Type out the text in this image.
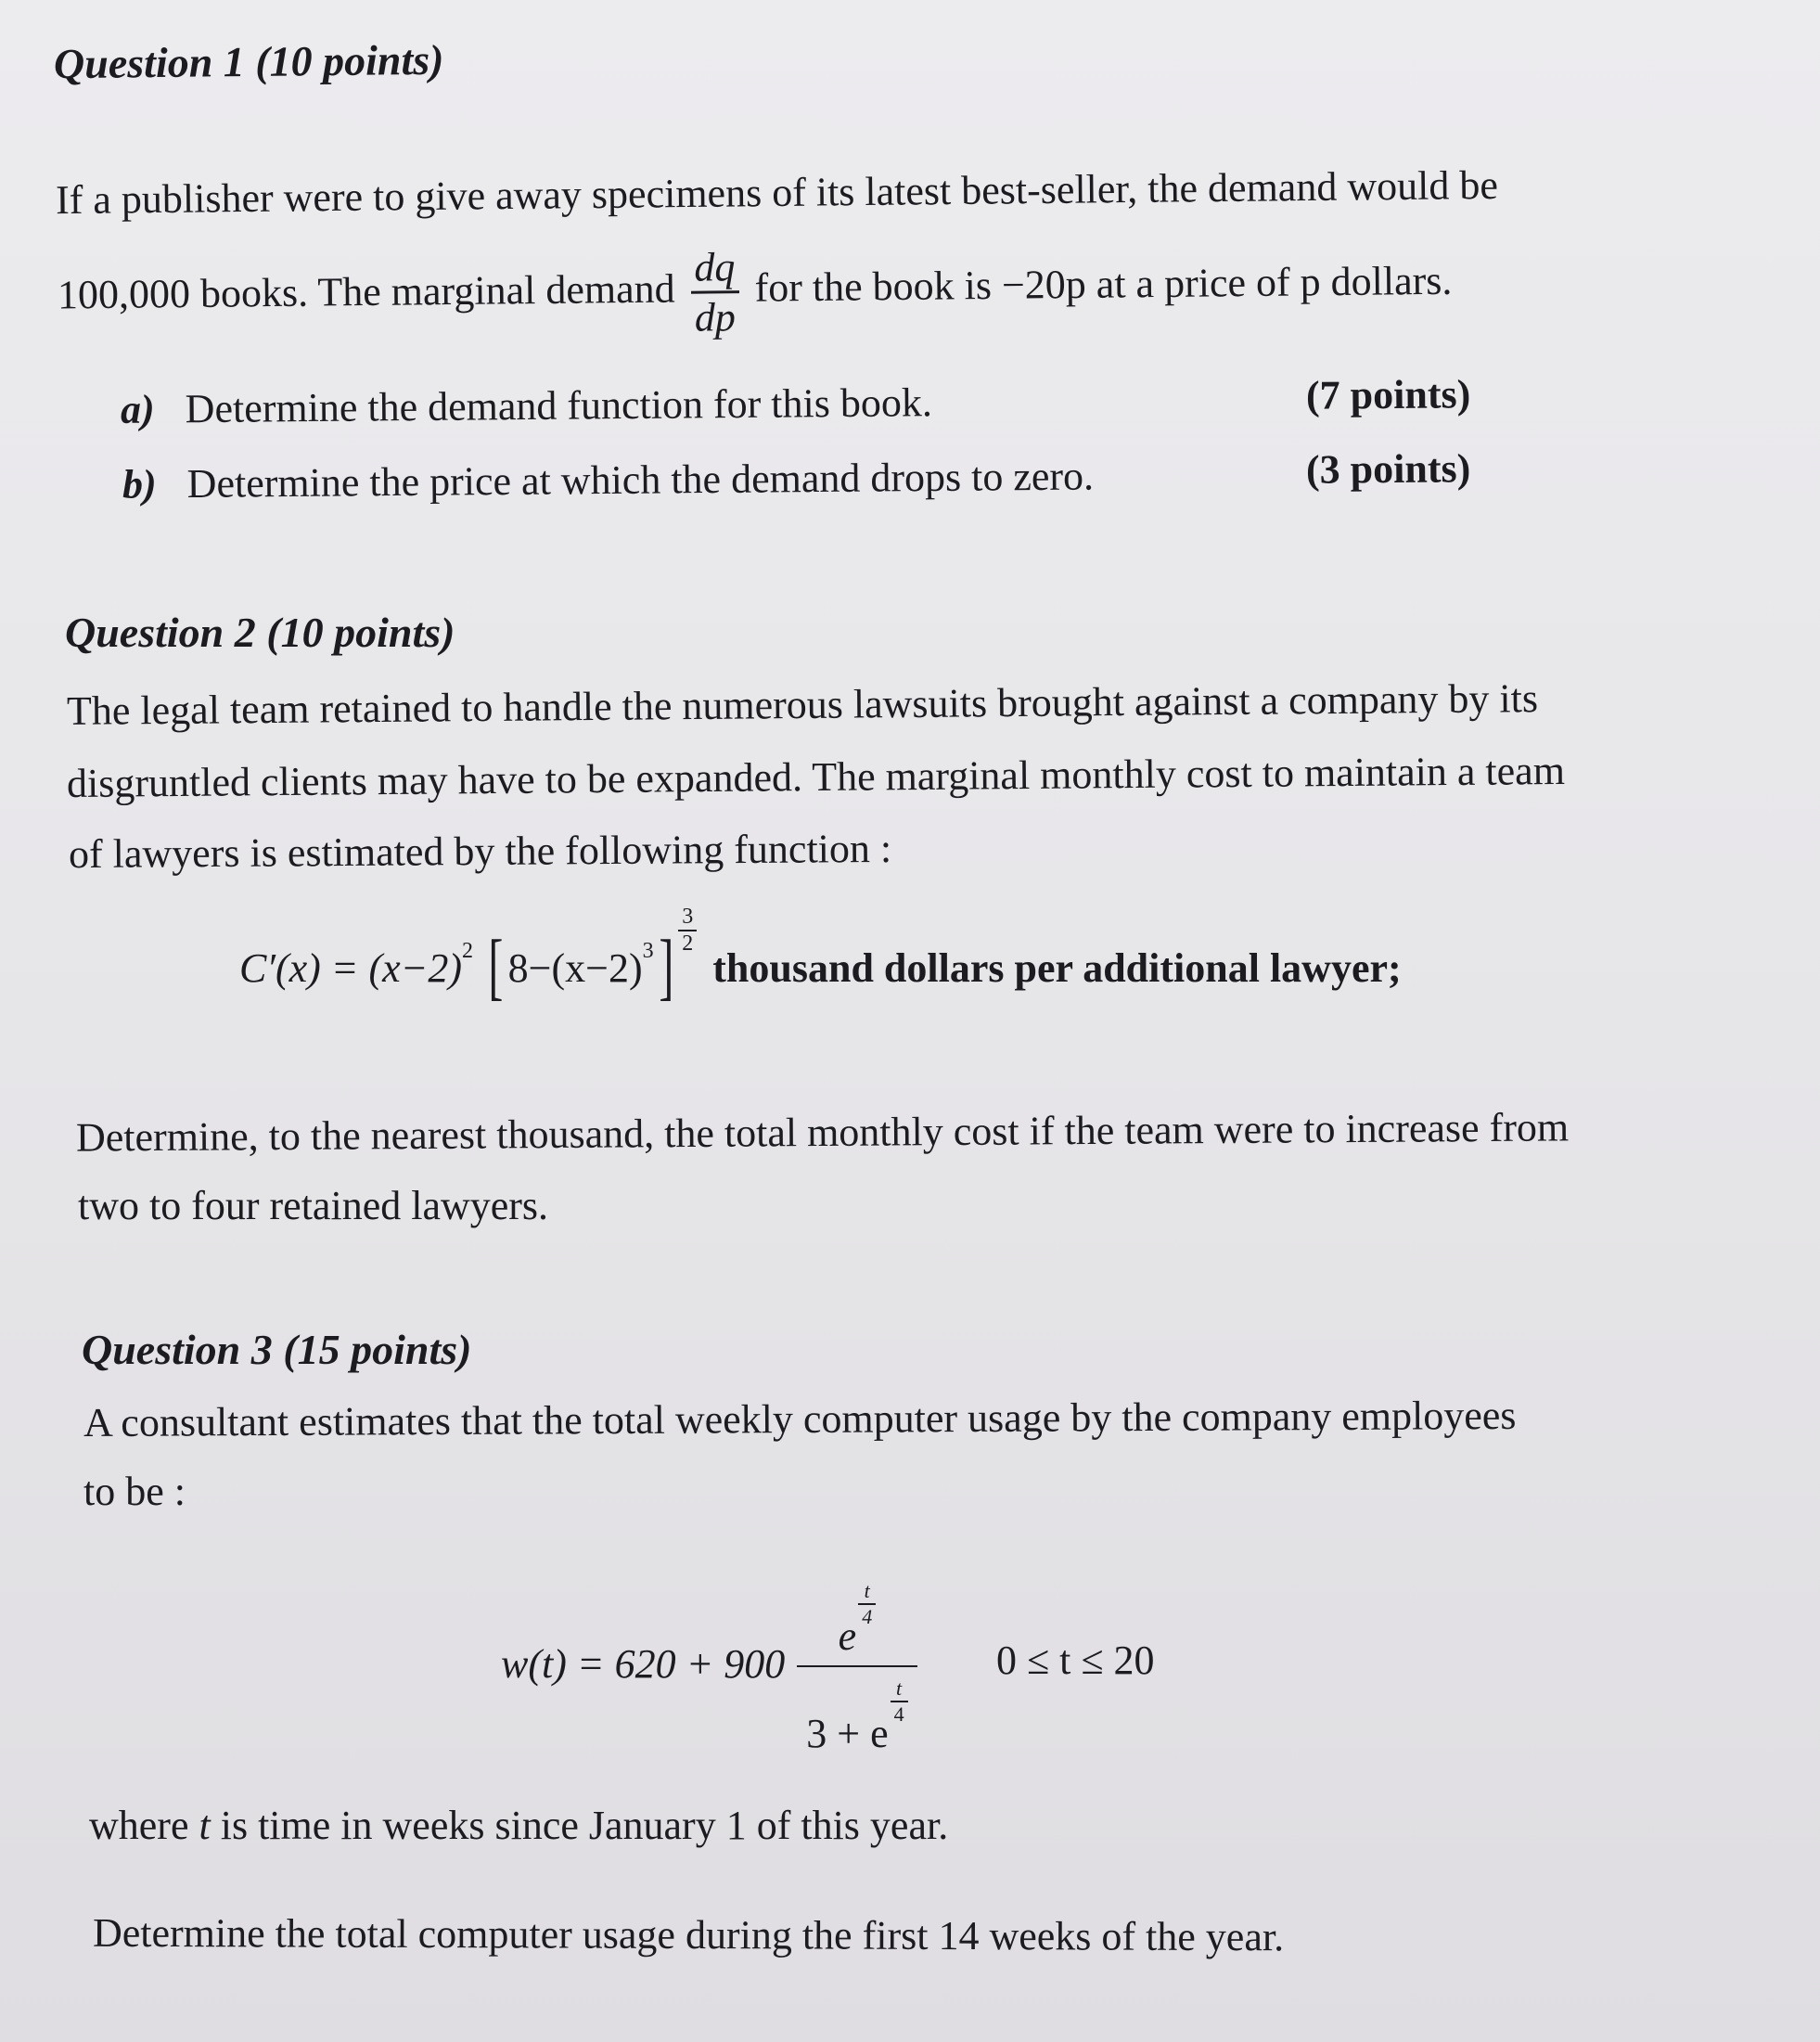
Question 1 (10 points)
If a publisher were to give away specimens of its latest best-seller, the demand would be
100,000 books. The marginal demand $\frac{dq}{dp}$ for the book is −20p at a price of p dollars.
a) Determine the demand function for this book.	(7 points)
b) Determine the price at which the demand drops to zero.	(3 points)
Question 2 (10 points)
The legal team retained to handle the numerous lawsuits brought against a company by its
disgruntled clients may have to be expanded. The marginal monthly cost to maintain a team
of lawyers is estimated by the following function :
$C'(x) = (x-2)^2$ [ $8-(x-2)^3] \frac{3}{2}$
thousand dollars per additional lawyer;
Determine, to the nearest thousand, the total monthly cost if the team were to increase from
two to four retained lawyers.
Question 3 (15 points)
A consultant estimates that the total weekly computer usage by the company employees
to be :
w(t) = 620 + 900 e
$\frac{t}{4}$
3 + e
$\frac{t}{4} 0 \le t \le 20$
where t is time in weeks since January 1 of this year.
Determine the total computer usage during the first 14 weeks of the year.
